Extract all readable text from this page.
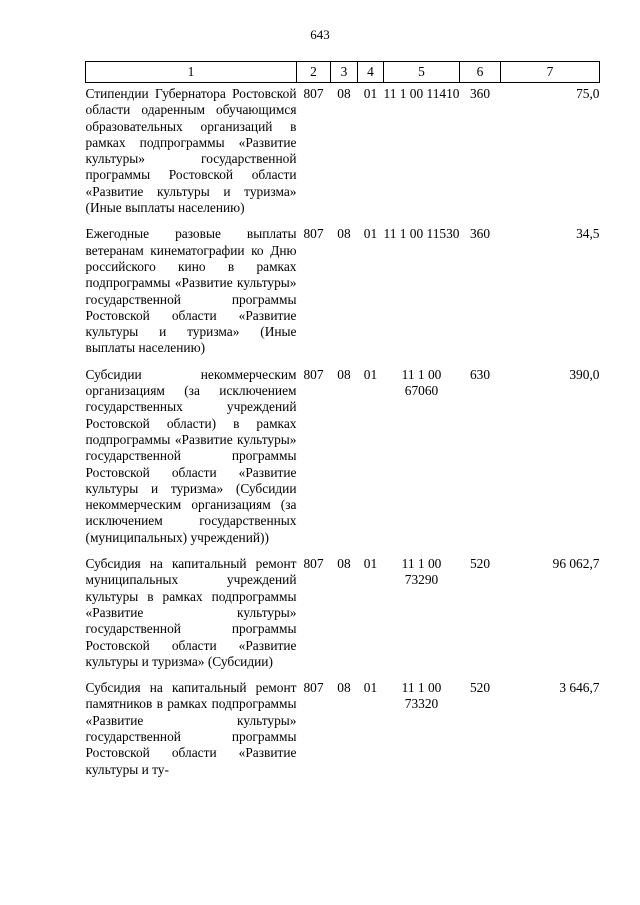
643
1	2	3	4	5	6	7
Стипендии Губернатора Ростовской области одаренным обучающимся образовательных организаций в рамках подпрограммы «Развитие культуры» государственной программы Ростовской области «Развитие культуры и туризма» (Иные выплаты населению)	807	08	01	11 1 00 11410	360	75,0
Ежегодные разовые выплаты ветеранам кинематографии ко Дню российского кино в рамках подпрограммы «Развитие культуры» государственной программы Ростовской области «Развитие культуры и туризма» (Иные выплаты населению)	807	08	01	11 1 00 11530	360	34,5
Субсидии некоммерческим организациям (за исключением государственных учреждений Ростовской области) в рамках подпрограммы «Развитие культуры» государственной программы Ростовской области «Развитие культуры и туризма» (Субсидии некоммерческим организациям (за исключением государственных (муниципальных) учреждений))	807	08	01	11 1 00 67060	630	390,0
Субсидия на капитальный ремонт муниципальных учреждений культуры в рамках подпрограммы «Развитие культуры» государственной программы Ростовской области «Развитие культуры и туризма» (Субсидии)	807	08	01	11 1 00 73290	520	96 062,7
Субсидия на капитальный ремонт памятников в рамках подпрограммы «Развитие культуры» государственной программы Ростовской области «Развитие культуры и ту-	807	08	01	11 1 00 73320	520	3 646,7
